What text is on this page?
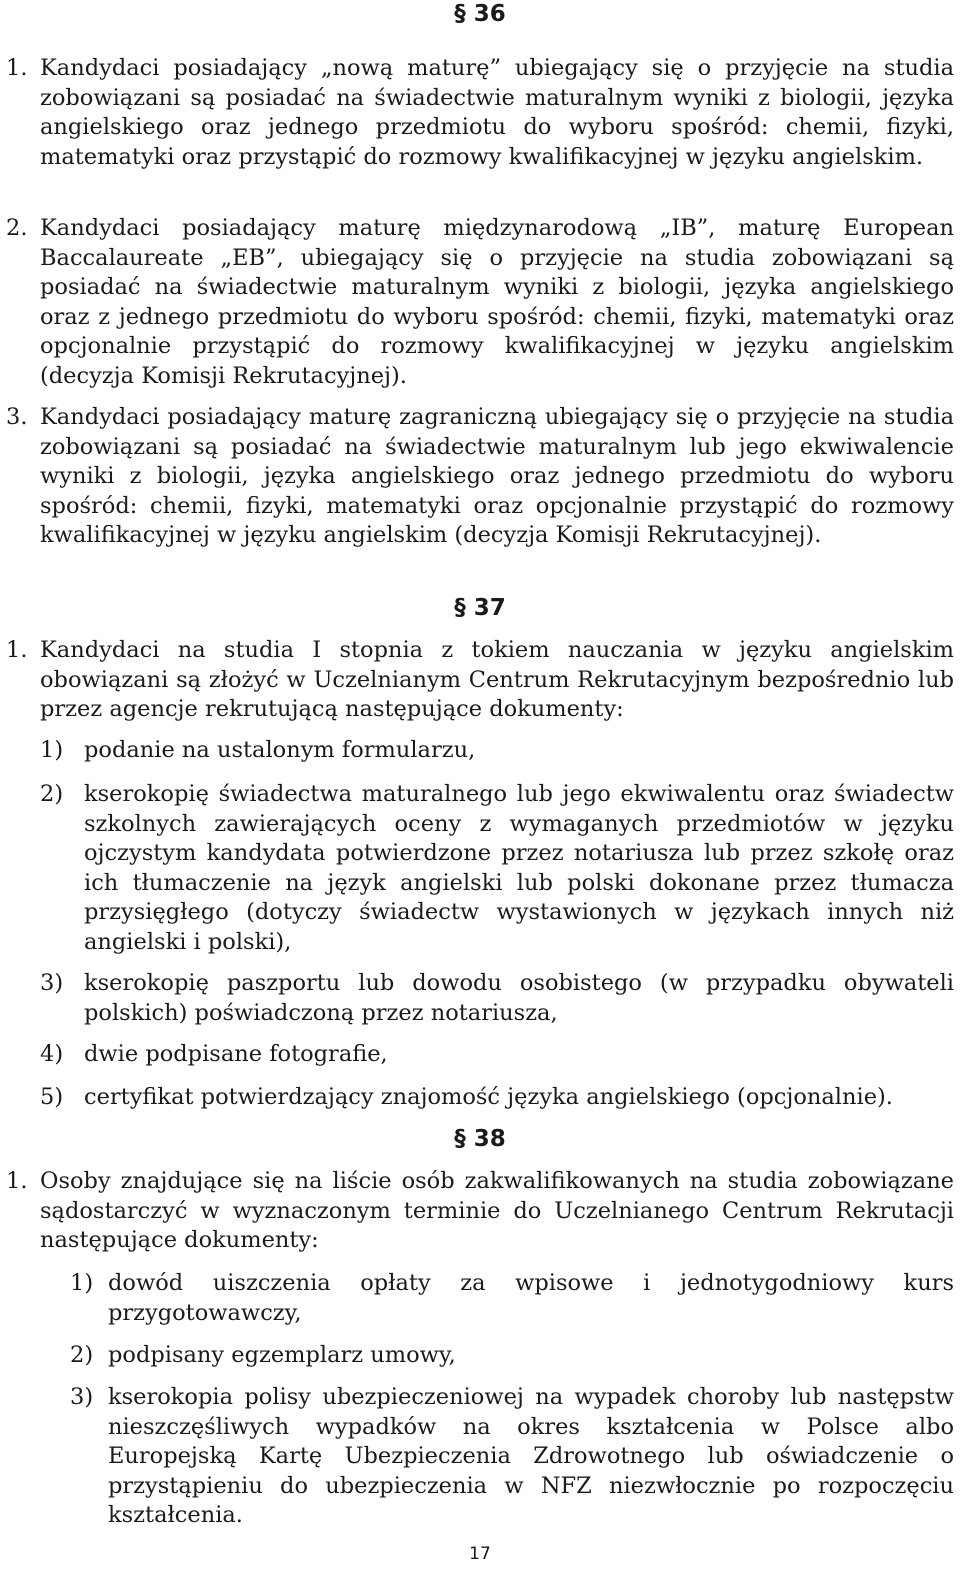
§ 36
1. Kandydaci posiadający „nową maturę” ubiegający się o przyjęcie na studia zobowiązani są posiadać na świadectwie maturalnym wyniki z biologii, języka angielskiego oraz jednego przedmiotu do wyboru spośród: chemii, fizyki, matematyki oraz przystąpić do rozmowy kwalifikacyjnej w języku angielskim.
2. Kandydaci posiadający maturę międzynarodową „IB”, maturę European Baccalaureate „EB”, ubiegający się o przyjęcie na studia zobowiązani są posiadać na świadectwie maturalnym wyniki z biologii, języka angielskiego oraz z jednego przedmiotu do wyboru spośród: chemii, fizyki, matematyki oraz opcjonalnie przystąpić do rozmowy kwalifikacyjnej w języku angielskim (decyzja Komisji Rekrutacyjnej).
3. Kandydaci posiadający maturę zagraniczną ubiegający się o przyjęcie na studia zobowiązani są posiadać na świadectwie maturalnym lub jego ekwiwalencie wyniki z biologii, języka angielskiego oraz jednego przedmiotu do wyboru spośród: chemii, fizyki, matematyki oraz opcjonalnie przystąpić do rozmowy kwalifikacyjnej w języku angielskim (decyzja Komisji Rekrutacyjnej).
§ 37
1. Kandydaci na studia I stopnia z tokiem nauczania w języku angielskim obowiązani są złożyć w Uczelnianym Centrum Rekrutacyjnym bezpośrednio lub przez agencje rekrutującą następujące dokumenty:
1) podanie na ustalonym formularzu,
2) kserokopię świadectwa maturalnego lub jego ekwiwalentu oraz świadectw szkolnych zawierających oceny z wymaganych przedmiotów w języku ojczystym kandydata potwierdzone przez notariusza lub przez szkołę oraz ich tłumaczenie na język angielski lub polski dokonane przez tłumacza przysięgłego (dotyczy świadectw wystawionych w językach innych niż angielski i polski),
3) kserokopię paszportu lub dowodu osobistego (w przypadku obywateli polskich) poświadczoną przez notariusza,
4) dwie podpisane fotografie,
5) certyfikat potwierdzający znajomość języka angielskiego (opcjonalnie).
§ 38
1. Osoby znajdujące się na liście osób zakwalifikowanych na studia zobowiązane sądostarczyć w wyznaczonym terminie do Uczelnianego Centrum Rekrutacji następujące dokumenty:
1) dowód uiszczenia opłaty za wpisowe i jednotygodniowy kurs przygotowawczy,
2) podpisany egzemplarz umowy,
3) kserokopia polisy ubezpieczeniowej na wypadek choroby lub następstw nieszczęśliwych wypadków na okres kształcenia w Polsce albo Europejską Kartę Ubezpieczenia Zdrowotnego lub oświadczenie o przystąpieniu do ubezpieczenia w NFZ niezwłocznie po rozpoczęciu kształcenia.
17
